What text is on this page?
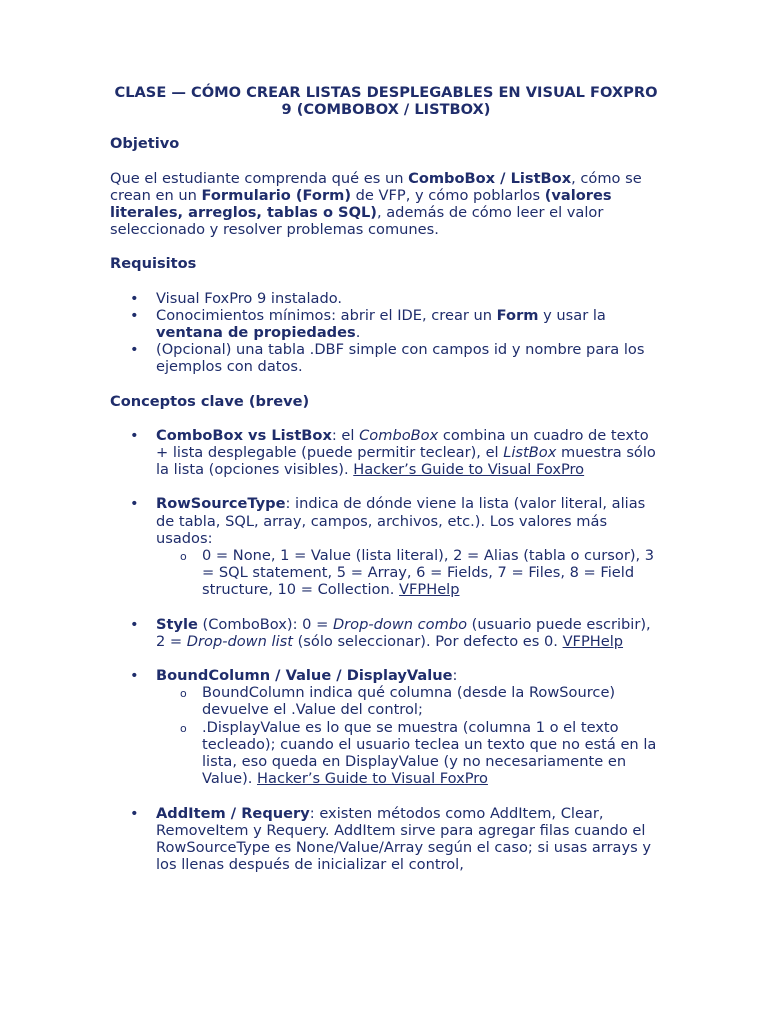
CLASE — CÓMO CREAR LISTAS DESPLEGABLES EN VISUAL FOXPRO 9 (COMBOBOX / LISTBOX)
Objetivo

Que el estudiante comprenda qué es un ComboBox / ListBox, cómo se crean en un Formulario (Form) de VFP, y cómo poblarlos (valores literales, arreglos, tablas o SQL), además de cómo leer el valor seleccionado y resolver problemas comunes.

Requisitos
• Visual FoxPro 9 instalado.
• Conocimientos mínimos: abrir el IDE, crear un Form y usar la ventana de propiedades.
• (Opcional) una tabla .DBF simple con campos id y nombre para los ejemplos con datos.
Conceptos clave (breve)
• ComboBox vs ListBox: el ComboBox combina un cuadro de texto + lista desplegable (puede permitir teclear), el ListBox muestra sólo la lista (opciones visibles). Hacker’s Guide to Visual FoxPro
• RowSourceType: indica de dónde viene la lista (valor literal, alias de tabla, SQL, array, campos, archivos, etc.). Los valores más usados:
o 0 = None, 1 = Value (lista literal), 2 = Alias (tabla o cursor), 3 = SQL statement, 5 = Array, 6 = Fields, 7 = Files, 8 = Field structure, 10 = Collection. VFPHelp
• Style (ComboBox): 0 = Drop-down combo (usuario puede escribir), 2 = Drop-down list (sólo seleccionar). Por defecto es 0. VFPHelp
• BoundColumn / Value / DisplayValue:
o BoundColumn indica qué columna (desde la RowSource) devuelve el .Value del control;
o .DisplayValue es lo que se muestra (columna 1 o el texto tecleado); cuando el usuario teclea un texto que no está en la lista, eso queda en DisplayValue (y no necesariamente en Value). Hacker’s Guide to Visual FoxPro
• AddItem / Requery: existen métodos como AddItem, Clear, RemoveItem y Requery. AddItem sirve para agregar filas cuando el RowSourceType es None/Value/Array según el caso; si usas arrays y los llenas después de inicializar el control,
